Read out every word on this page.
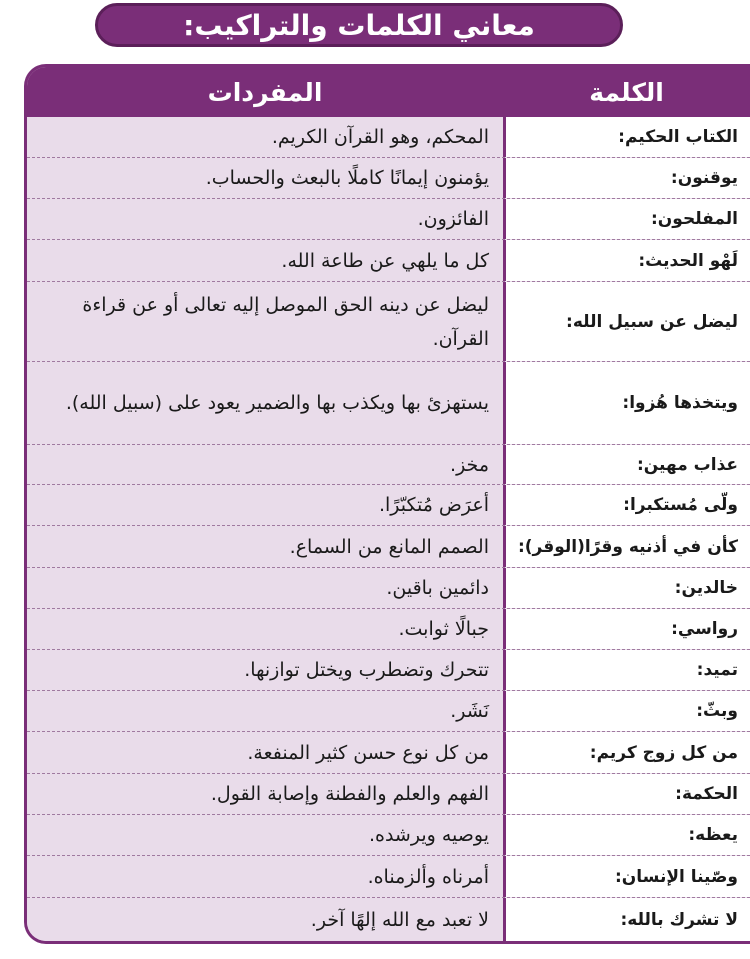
معاني الكلمات والتراكيب:
الكلمة
المفردات
الكتاب الحكيم:
المحكم، وهو القرآن الكريم.
يوقنون:
يؤمنون إيمانًا كاملًا بالبعث والحساب.
المفلحون:
الفائزون.
لَهْو الحديث:
كل ما يلهي عن طاعة الله.
ليضل عن سبيل الله:
ليضل عن دينه الحق الموصل إليه تعالى أو عن قراءة القرآن.
ويتخذها هُزوا:
يستهزئ بها ويكذب بها والضمير يعود على (سبيل الله).
عذاب مهين:
مخز.
ولّى مُستكبرا:
أعرَض مُتكبّرًا.
كأن في أذنيه وقرًا(الوقر):
الصمم المانع من السماع.
خالدين:
دائمين باقين.
رواسي:
جبالًا ثوابت.
تميد:
تتحرك وتضطرب ويختل توازنها.
وبثّ:
نَشَر.
من كل زوج كريم:
من كل نوع حسن كثير المنفعة.
الحكمة:
الفهم والعلم والفطنة وإصابة القول.
يعظه:
يوصيه ويرشده.
وصّينا الإنسان:
أمرناه وألزمناه.
لا تشرك بالله:
لا تعبد مع الله إلهًا آخر.
